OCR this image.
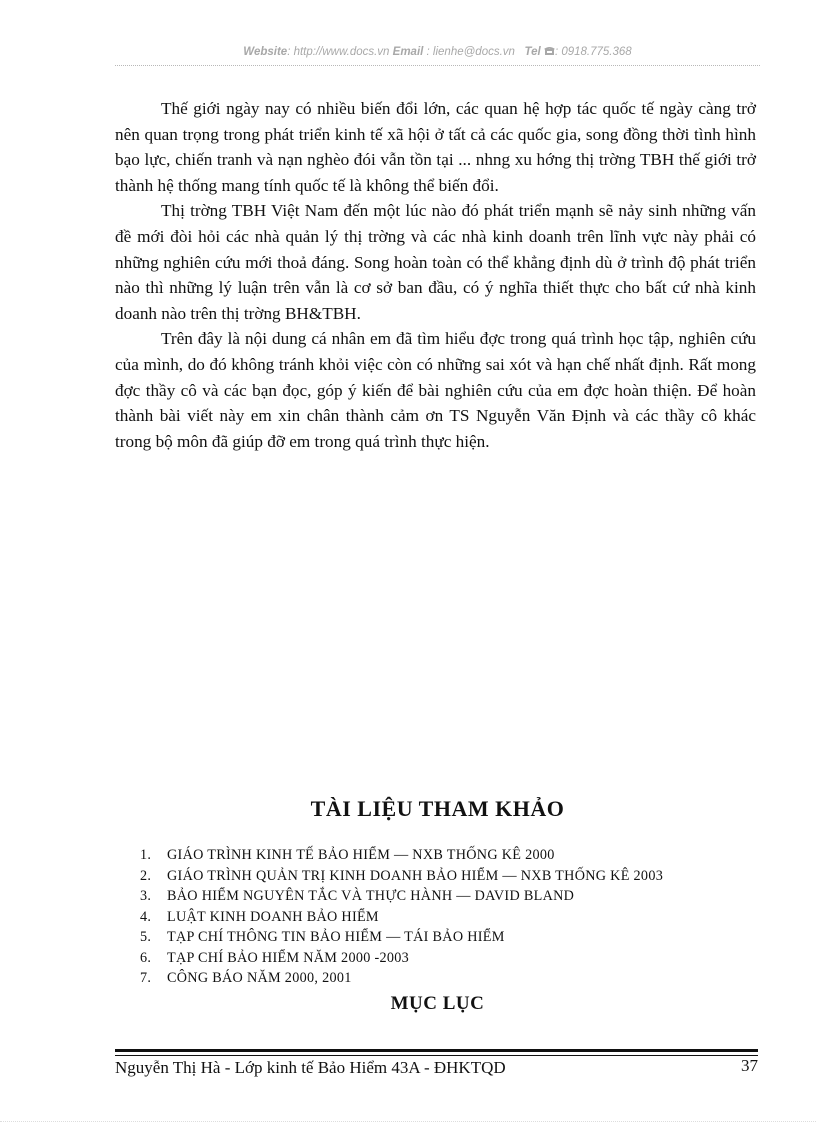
Website: http://www.docs.vn Email : lienhe@docs.vn Tel : 0918.775.368

Thế giới ngày nay có nhiều biến đổi lớn, các quan hệ hợp tác quốc tế ngày càng trở nên quan trọng trong phát triển kinh tế xã hội ở tất cả các quốc gia, song đồng thời tình hình bạo lực, chiến tranh và nạn nghèo đói vẫn tồn tại ... nhng xu hớng thị trờng TBH thế giới trở thành hệ thống mang tính quốc tế là không thể biến đổi.

Thị trờng TBH Việt Nam đến một lúc nào đó phát triển mạnh sẽ nảy sinh những vấn đề mới đòi hỏi các nhà quản lý thị trờng và các nhà kinh doanh trên lĩnh vực này phải có những nghiên cứu mới thoả đáng. Song hoàn toàn có thể khẳng định dù ở trình độ phát triển nào thì những lý luận trên vẫn là cơ sở ban đầu, có ý nghĩa thiết thực cho bất cứ nhà kinh doanh nào trên thị trờng BH&TBH.

Trên đây là nội dung cá nhân em đã tìm hiểu đợc trong quá trình học tập, nghiên cứu của mình, do đó không tránh khỏi việc còn có những sai xót và hạn chế nhất định. Rất mong đợc thầy cô và các bạn đọc, góp ý kiến để bài nghiên cứu của em đợc hoàn thiện. Để hoàn thành bài viết này em xin chân thành cảm ơn TS Nguyễn Văn Định và các thầy cô khác trong bộ môn đã giúp đỡ em trong quá trình thực hiện.

TÀI LIỆU THAM KHẢO
1. GIÁO TRÌNH KINH TẾ BẢO HIỂM — NXB THỐNG KÊ 2000
2. GIÁO TRÌNH QUẢN TRỊ KINH DOANH BẢO HIỂM — NXB THỐNG KÊ 2003
3. BẢO HIỂM NGUYÊN TẮC VÀ THỰC HÀNH — DAVID BLAND
4. LUẬT KINH DOANH BẢO HIỂM
5. TẠP CHÍ THÔNG TIN BẢO HIỂM — TÁI BẢO HIỂM
6. TẠP CHÍ BẢO HIỂM NĂM 2000 -2003
7. CÔNG BÁO NĂM 2000, 2001
MỤC LỤC
Nguyễn Thị Hà - Lớp kinh tế Bảo Hiểm 43A - ĐHKTQD	37
